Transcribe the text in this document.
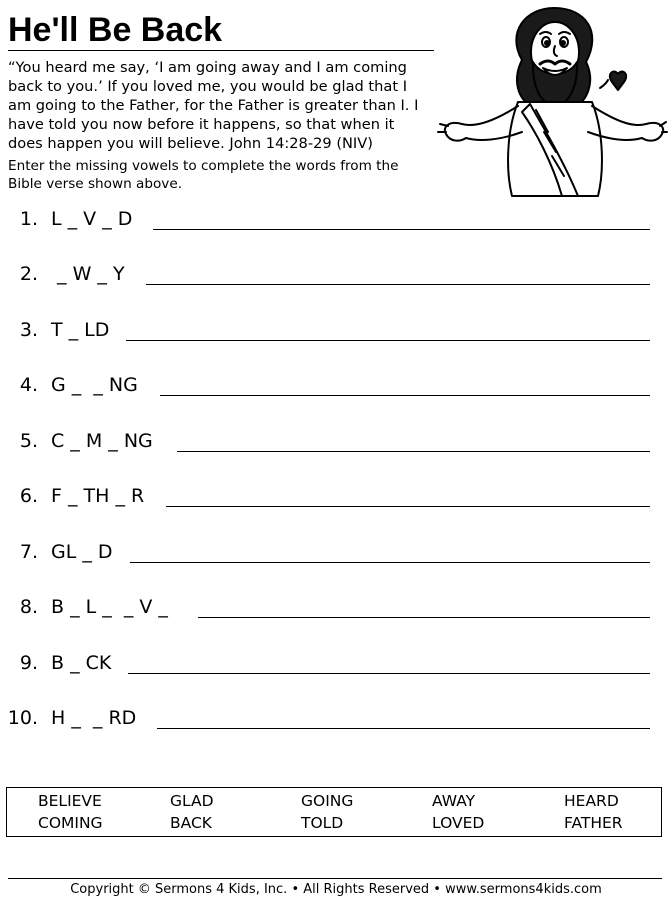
He'll Be Back
“You heard me say, ‘I am going away and I am coming
back to you.’ If you loved me, you would be glad that I
am going to the Father, for the Father is greater than I. I
have told you now before it happens, so that when it
does happen you will believe. John 14:28-29 (NIV)
Enter the missing vowels to complete the words from the
Bible verse shown above.
1. L _ V _ D
2. _ W _ Y
3. T _ LD
4. G _  _ NG
5. C _ M _ NG
6. F _ TH _ R
7. GL _ D
8. B _ L _  _ V _
9. B _ CK
10. H _  _ RD
BELIEVE	GLAD	GOING	AWAY	HEARD
COMING	BACK	TOLD	LOVED	FATHER
Copyright © Sermons 4 Kids, Inc. • All Rights Reserved • www.sermons4kids.com
